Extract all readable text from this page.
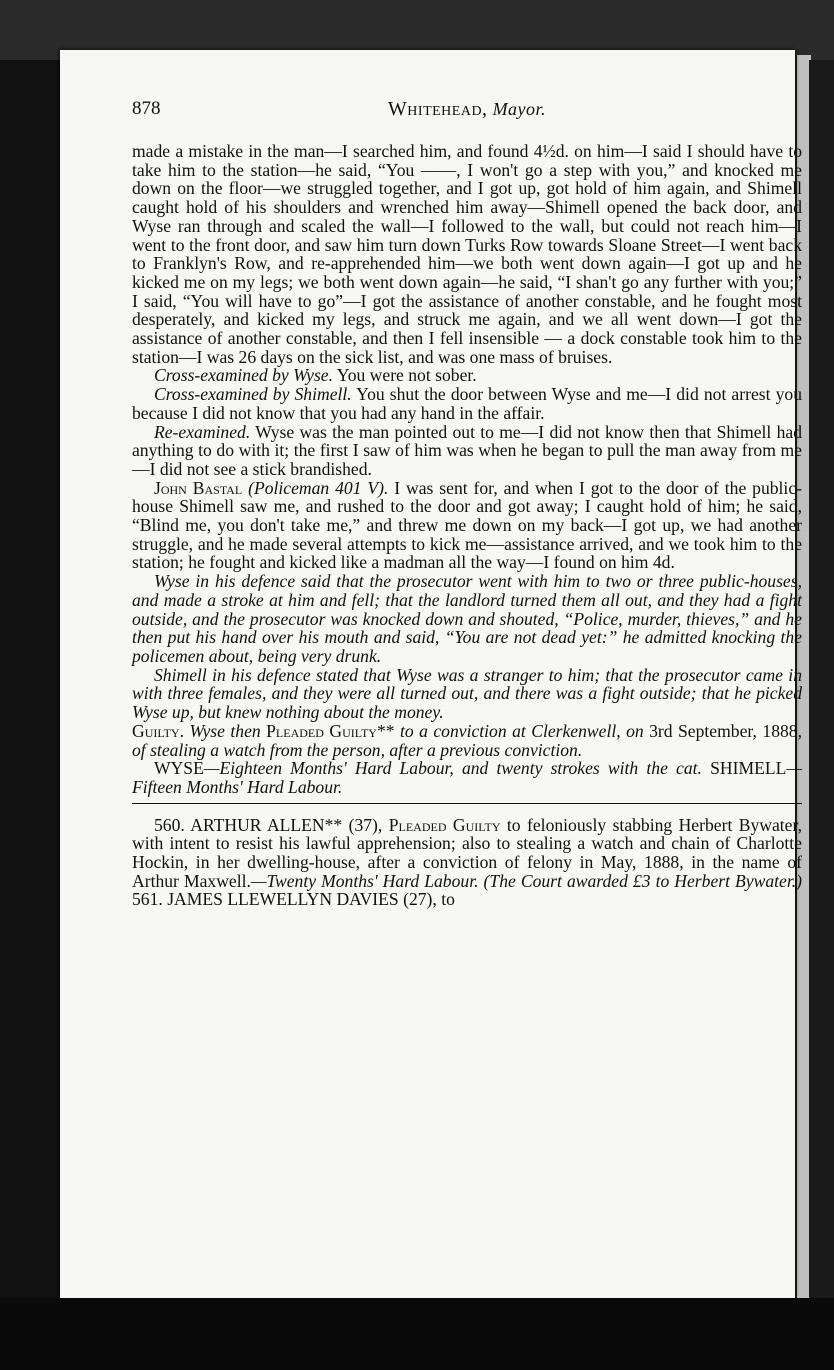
878	Whitehead, Mayor.

made a mistake in the man—I searched him, and found 4½d. on him—I said I should have to take him to the station—he said, “You ——, I won't go a step with you,” and knocked me down on the floor—we struggled together, and I got up, got hold of him again, and Shimell caught hold of his shoulders and wrenched him away—Shimell opened the back door, and Wyse ran through and scaled the wall—I followed to the wall, but could not reach him—I went to the front door, and saw him turn down Turks Row towards Sloane Street—I went back to Franklyn's Row, and re-apprehended him—we both went down again—I got up and he kicked me on my legs; we both went down again—he said, “I shan't go any further with you;” I said, “You will have to go”—I got the assistance of another constable, and he fought most desperately, and kicked my legs, and struck me again, and we all went down—I got the assistance of another constable, and then I fell insensible — a dock constable took him to the station—I was 26 days on the sick list, and was one mass of bruises.

Cross-examined by Wyse. You were not sober.

Cross-examined by Shimell. You shut the door between Wyse and me—I did not arrest you because I did not know that you had any hand in the affair.

Re-examined. Wyse was the man pointed out to me—I did not know then that Shimell had anything to do with it; the first I saw of him was when he began to pull the man away from me—I did not see a stick brandished.

John Bastal (Policeman 401 V). I was sent for, and when I got to the door of the public-house Shimell saw me, and rushed to the door and got away; I caught hold of him; he said, “Blind me, you don't take me,” and threw me down on my back—I got up, we had another struggle, and he made several attempts to kick me—assistance arrived, and we took him to the station; he fought and kicked like a madman all the way—I found on him 4d.

Wyse in his defence said that the prosecutor went with him to two or three public-houses, and made a stroke at him and fell; that the landlord turned them all out, and they had a fight outside, and the prosecutor was knocked down and shouted, “Police, murder, thieves,” and he then put his hand over his mouth and said, “You are not dead yet:” he admitted knocking the policemen about, being very drunk.

Shimell in his defence stated that Wyse was a stranger to him; that the prosecutor came in with three females, and they were all turned out, and there was a fight outside; that he picked Wyse up, but knew nothing about the money.

Guilty. Wyse then Pleaded Guilty** to a conviction at Clerkenwell, on 3rd September, 1888, of stealing a watch from the person, after a previous conviction.

WYSE—Eighteen Months' Hard Labour, and twenty strokes with the cat. SHIMELL—Fifteen Months' Hard Labour.

560. ARTHUR ALLEN** (37), Pleaded Guilty to feloniously stabbing Herbert Bywater, with intent to resist his lawful apprehension; also to stealing a watch and chain of Charlotte Hockin, in her dwelling-house, after a conviction of felony in May, 1888, in the name of Arthur Maxwell.—Twenty Months' Hard Labour. (The Court awarded £3 to Herbert Bywater.) 561. JAMES LLEWELLYN DAVIES (27), to
